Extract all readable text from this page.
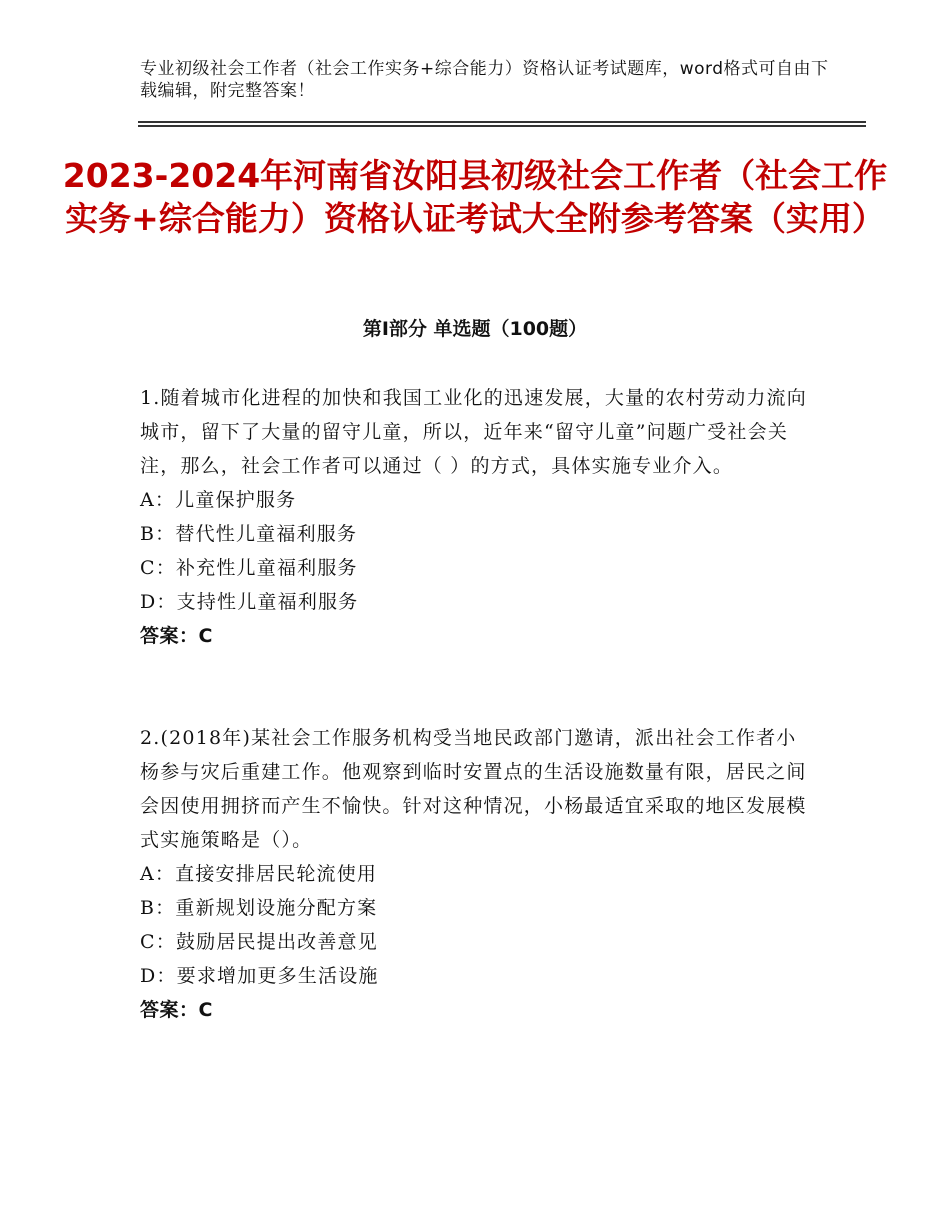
专业初级社会工作者（社会工作实务+综合能力）资格认证考试题库，word格式可自由下载编辑，附完整答案！
2023-2024年河南省汝阳县初级社会工作者（社会工作实务+综合能力）资格认证考试大全附参考答案（实用）
第Ⅰ部分 单选题（100题）

1.随着城市化进程的加快和我国工业化的迅速发展，大量的农村劳动力流向城市，留下了大量的留守儿童，所以，近年来“留守儿童”问题广受社会关注，那么，社会工作者可以通过（ ）的方式，具体实施专业介入。

A：儿童保护服务
B：替代性儿童福利服务
C：补充性儿童福利服务
D：支持性儿童福利服务
答案：C

2.(2018年)某社会工作服务机构受当地民政部门邀请，派出社会工作者小杨参与灾后重建工作。他观察到临时安置点的生活设施数量有限，居民之间会因使用拥挤而产生不愉快。针对这种情况，小杨最适宜采取的地区发展模式实施策略是（）。

A：直接安排居民轮流使用
B：重新规划设施分配方案
C：鼓励居民提出改善意见
D：要求增加更多生活设施
答案：C
